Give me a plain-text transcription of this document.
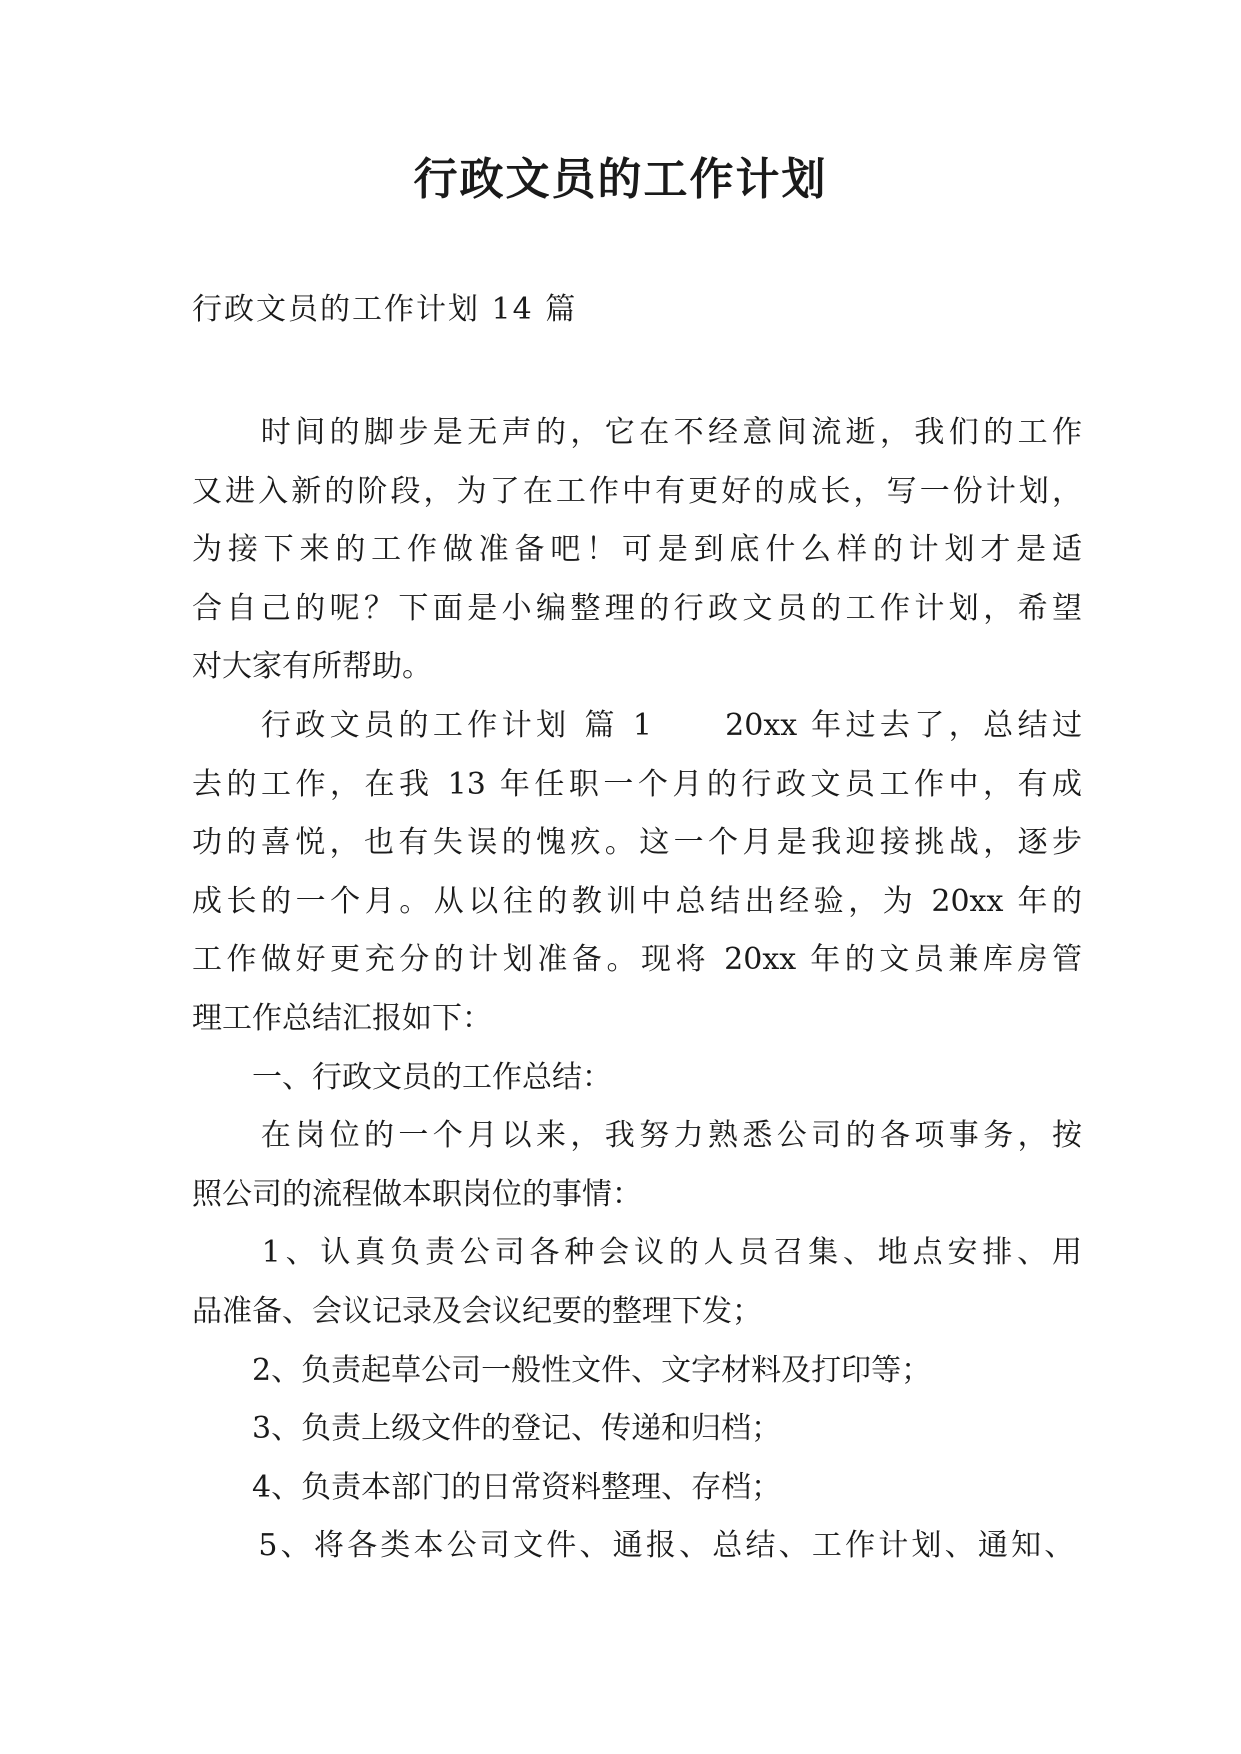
行政文员的工作计划

行政文员的工作计划 14 篇

　　时间的脚步是无声的，它在不经意间流逝，我们的工作
又进入新的阶段，为了在工作中有更好的成长，写一份计划，
为接下来的工作做准备吧！可是到底什么样的计划才是适
合自己的呢？下面是小编整理的行政文员的工作计划，希望
对大家有所帮助。
　　行政文员的工作计划 篇 1　　20xx 年过去了，总结过
去的工作，在我 13 年任职一个月的行政文员工作中，有成
功的喜悦，也有失误的愧疚。这一个月是我迎接挑战，逐步
成长的一个月。从以往的教训中总结出经验，为 20xx 年的
工作做好更充分的计划准备。现将 20xx 年的文员兼库房管
理工作总结汇报如下：
　　一、行政文员的工作总结：
　　在岗位的一个月以来，我努力熟悉公司的各项事务，按
照公司的流程做本职岗位的事情：
　　1、认真负责公司各种会议的人员召集、地点安排、用
品准备、会议记录及会议纪要的整理下发；
　　2、负责起草公司一般性文件、文字材料及打印等；
　　3、负责上级文件的登记、传递和归档；
　　4、负责本部门的日常资料整理、存档；
　　5、将各类本公司文件、通报、总结、工作计划、通知、
